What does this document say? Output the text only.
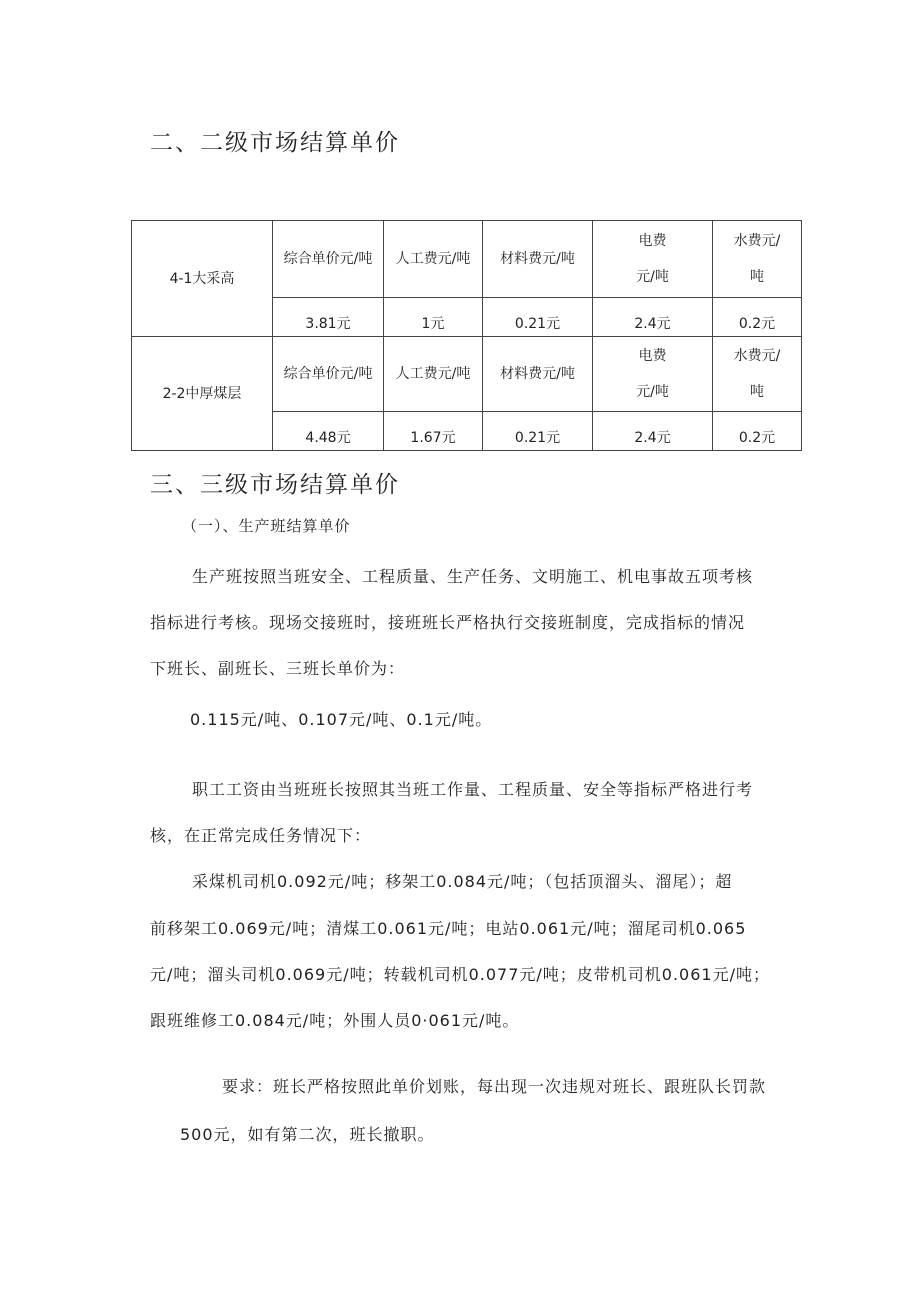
二、二级市场结算单价
4-1大采高	综合单价元/吨	人工费元/吨	材料费元/吨	电费元/吨	水费元/吨
	3.81元	1元	0.21元	2.4元	0.2元
2-2中厚煤层	综合单价元/吨	人工费元/吨	材料费元/吨	电费元/吨	水费元/吨
	4.48元	1.67元	0.21元	2.4元	0.2元
三、三级市场结算单价
（一）、生产班结算单价
生产班按照当班安全、工程质量、生产任务、文明施工、机电事故五项考核
指标进行考核。现场交接班时，接班班长严格执行交接班制度，完成指标的情况
下班长、副班长、三班长单价为：
0.115元/吨、0.107元/吨、0.1元/吨。
职工工资由当班班长按照其当班工作量、工程质量、安全等指标严格进行考
核，在正常完成任务情况下：
采煤机司机0.092元/吨；移架工0.084元/吨；（包括顶溜头、溜尾）；超
前移架工0.069元/吨；清煤工0.061元/吨；电站0.061元/吨；溜尾司机0.065
元/吨；溜头司机0.069元/吨；转载机司机0.077元/吨；皮带机司机0.061元/吨；
跟班维修工0.084元/吨；外围人员0·061元/吨。
要求：班长严格按照此单价划账，每出现一次违规对班长、跟班队长罚款
500元，如有第二次，班长撤职。
